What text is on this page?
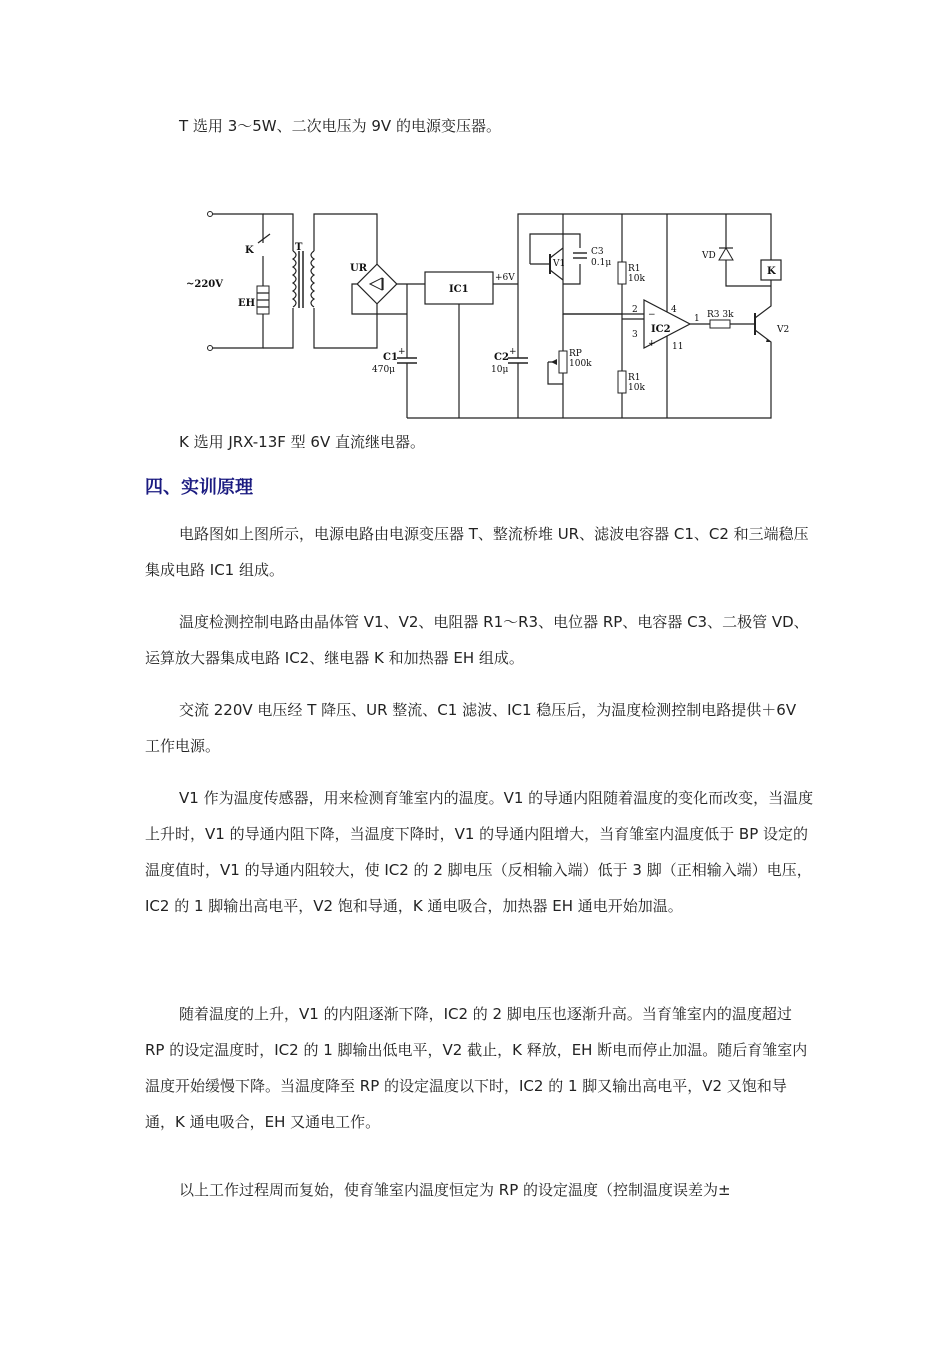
T 选用 3～5W、二次电压为 9V 的电源变压器。

~220V
K
EH
T
UR
C1 +
470μ
IC1
+6V
C2 +
10μ
V1
C3
0.1μ
RP
100k
R1
10k
R1
10k
IC2
2
3
−
+
4
11
1 R3 3k
V2
VD
K

K 选用 JRX-13F 型 6V 直流继电器。

四、实训原理

电路图如上图所示，电源电路由电源变压器 T、整流桥堆 UR、滤波电容器 C1、C2 和三端稳压集成电路 IC1 组成。

温度检测控制电路由晶体管 V1、V2、电阻器 R1～R3、电位器 RP、电容器 C3、二极管 VD、运算放大器集成电路 IC2、继电器 K 和加热器 EH 组成。

交流 220V 电压经 T 降压、UR 整流、C1 滤波、IC1 稳压后，为温度检测控制电路提供＋6V 工作电源。

V1 作为温度传感器，用来检测育雏室内的温度。V1 的导通内阻随着温度的变化而改变，当温度上升时，V1 的导通内阻下降，当温度下降时，V1 的导通内阻增大，当育雏室内温度低于 BP 设定的温度值时，V1 的导通内阻较大，使 IC2 的 2 脚电压（反相输入端）低于 3 脚（正相输入端）电压，IC2 的 1 脚输出高电平，V2 饱和导通，K 通电吸合，加热器 EH 通电开始加温。

随着温度的上升，V1 的内阻逐渐下降，IC2 的 2 脚电压也逐渐升高。当育雏室内的温度超过 RP 的设定温度时，IC2 的 1 脚输出低电平，V2 截止，K 释放，EH 断电而停止加温。随后育雏室内温度开始缓慢下降。当温度降至 RP 的设定温度以下时，IC2 的 1 脚又输出高电平，V2 又饱和导通，K 通电吸合，EH 又通电工作。

以上工作过程周而复始，使育雏室内温度恒定为 RP 的设定温度（控制温度误差为±
